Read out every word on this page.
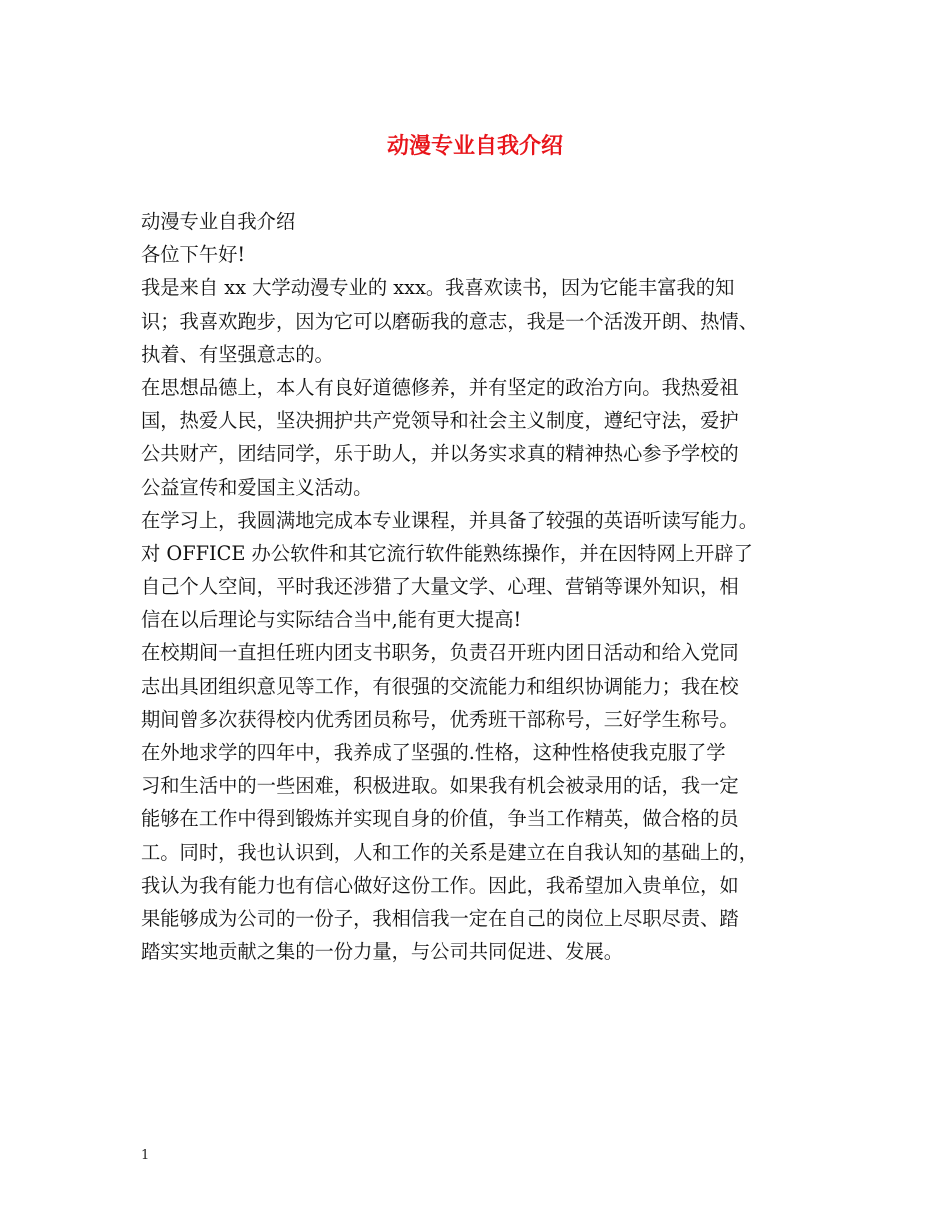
动漫专业自我介绍
动漫专业自我介绍
各位下午好!
我是来自 xx 大学动漫专业的 xxx。我喜欢读书，因为它能丰富我的知
识；我喜欢跑步，因为它可以磨砺我的意志，我是一个活泼开朗、热情、
执着、有坚强意志的。
在思想品德上，本人有良好道德修养，并有坚定的政治方向。我热爱祖
国，热爱人民，坚决拥护共产党领导和社会主义制度，遵纪守法，爱护
公共财产，团结同学，乐于助人，并以务实求真的精神热心参予学校的
公益宣传和爱国主义活动。
在学习上，我圆满地完成本专业课程，并具备了较强的英语听读写能力。
对 OFFICE 办公软件和其它流行软件能熟练操作，并在因特网上开辟了
自己个人空间，平时我还涉猎了大量文学、心理、营销等课外知识，相
信在以后理论与实际结合当中,能有更大提高!
在校期间一直担任班内团支书职务，负责召开班内团日活动和给入党同
志出具团组织意见等工作，有很强的交流能力和组织协调能力；我在校
期间曾多次获得校内优秀团员称号，优秀班干部称号，三好学生称号。
在外地求学的四年中，我养成了坚强的.性格，这种性格使我克服了学
习和生活中的一些困难，积极进取。如果我有机会被录用的话，我一定
能够在工作中得到锻炼并实现自身的价值，争当工作精英，做合格的员
工。同时，我也认识到，人和工作的关系是建立在自我认知的基础上的，
我认为我有能力也有信心做好这份工作。因此，我希望加入贵单位，如
果能够成为公司的一份子，我相信我一定在自己的岗位上尽职尽责、踏
踏实实地贡献之集的一份力量，与公司共同促进、发展。
1
